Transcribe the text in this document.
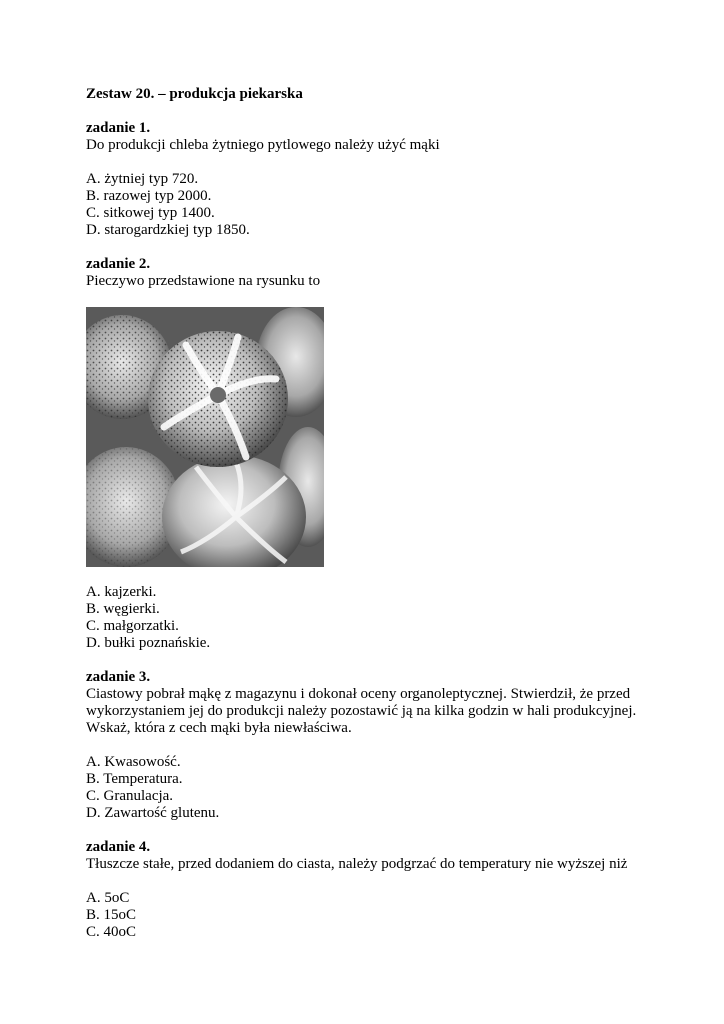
Zestaw 20. – produkcja piekarska
zadanie 1.
Do produkcji chleba żytniego pytlowego należy użyć mąki
A. żytniej typ 720.
B. razowej typ 2000.
C. sitkowej typ 1400.
D. starogardzkiej typ 1850.
zadanie 2.
Pieczywo przedstawione na rysunku to
A. kajzerki.
B. węgierki.
C. małgorzatki.
D. bułki poznańskie.
zadanie 3.
Ciastowy pobrał mąkę z magazynu i dokonał oceny organoleptycznej. Stwierdził, że przed
wykorzystaniem jej do produkcji należy pozostawić ją na kilka godzin w hali produkcyjnej.
Wskaż, która z cech mąki była niewłaściwa.
A. Kwasowość.
B. Temperatura.
C. Granulacja.
D. Zawartość glutenu.
zadanie 4.
Tłuszcze stałe, przed dodaniem do ciasta, należy podgrzać do temperatury nie wyższej niż
A. 5oC
B. 15oC
C. 40oC
